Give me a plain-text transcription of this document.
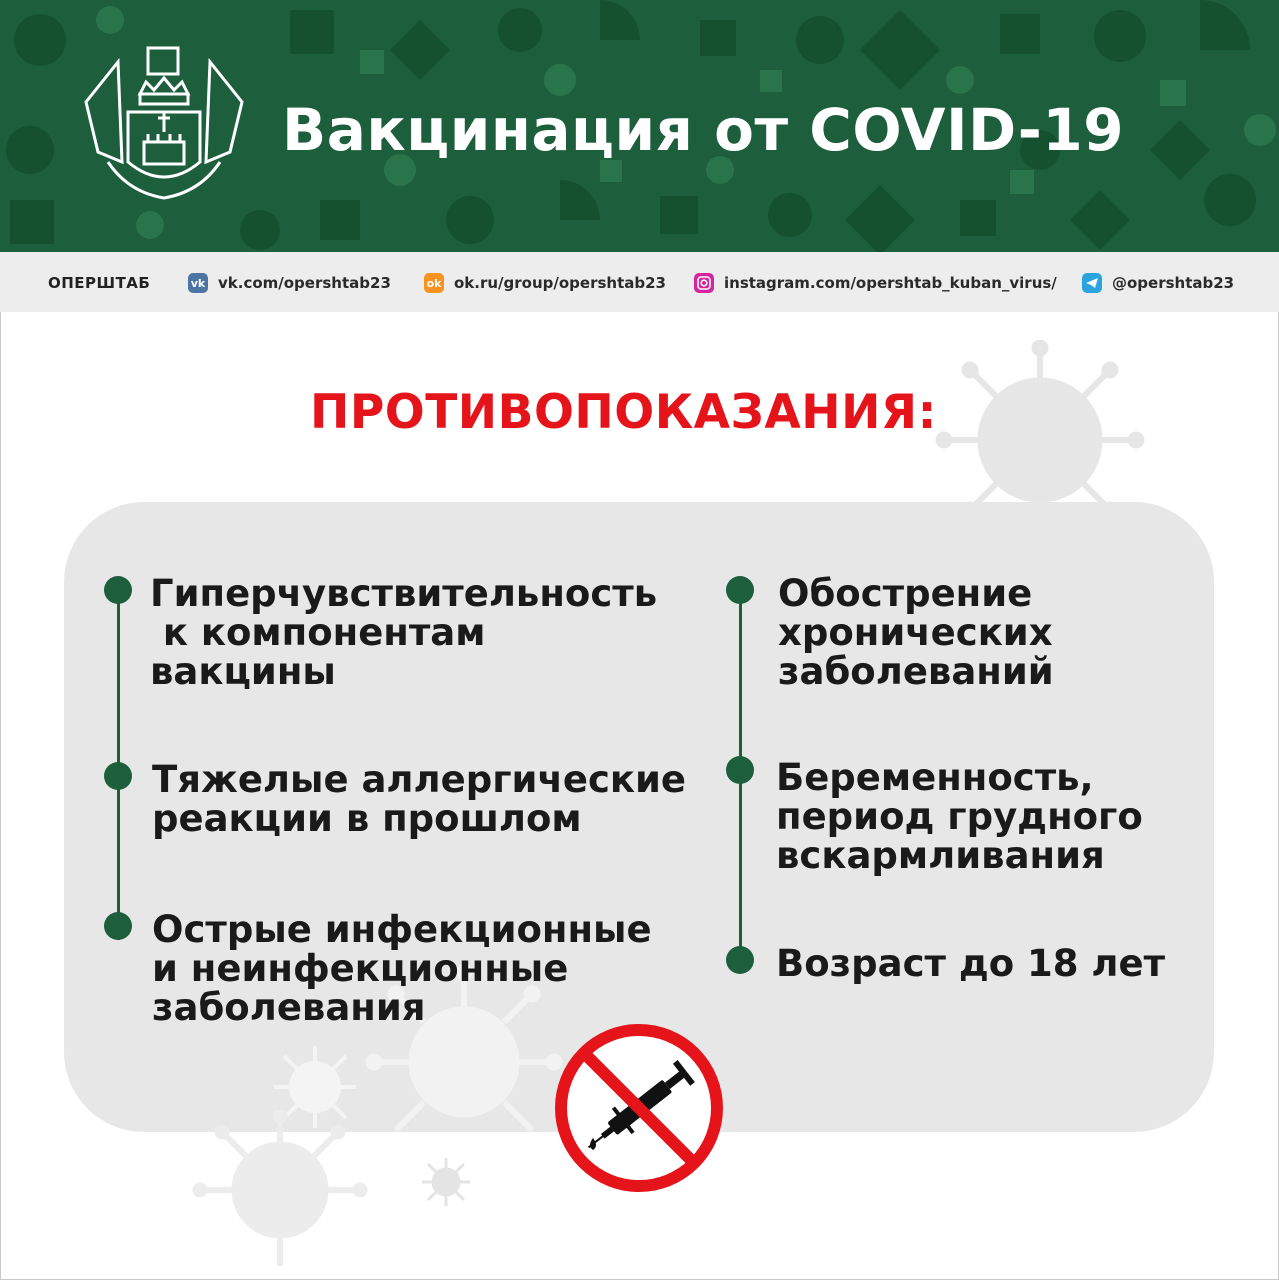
Вакцинация от COVID-19
ОПЕРШТАБ	vk vk.com/opershtab23	ok ok.ru/group/opershtab23	instagram.com/opershtab_kuban_virus/	@opershtab23
ПРОТИВОПОКАЗАНИЯ:
Гиперчувствительность
к компонентам
вакцины
Тяжелые аллергические
реакции в прошлом
Острые инфекционные
и неинфекционные
заболевания
Обострение
хронических
заболеваний
Беременность,
период грудного
вскармливания
Возраст до 18 лет
